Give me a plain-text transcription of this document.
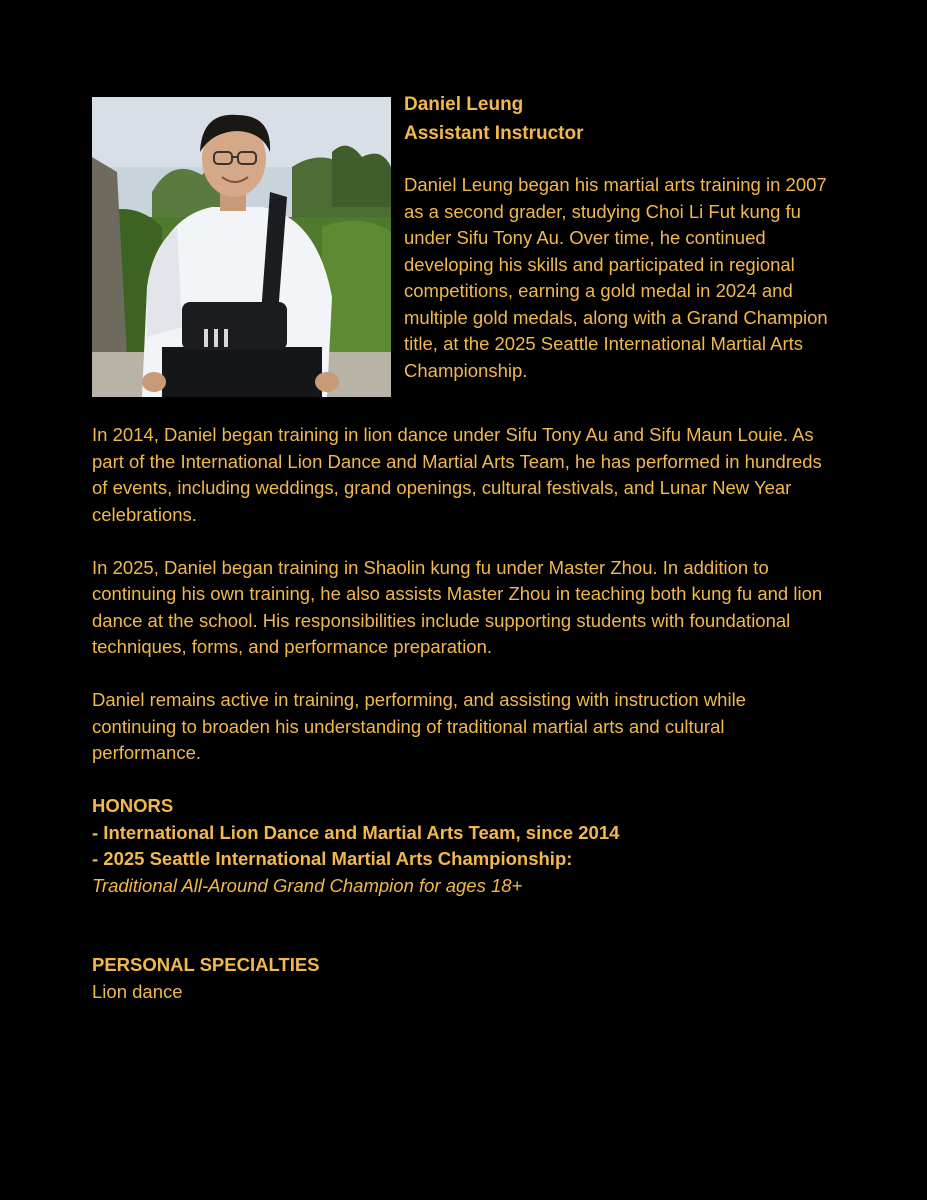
Daniel Leung

Assistant Instructor

Daniel Leung began his martial arts training in 2007 as a second grader, studying Choi Li Fut kung fu under Sifu Tony Au. Over time, he continued developing his skills and participated in regional competitions, earning a gold medal in 2024 and multiple gold medals, along with a Grand Champion title, at the 2025 Seattle International Martial Arts Championship.

In 2014, Daniel began training in lion dance under Sifu Tony Au and Sifu Maun Louie. As part of the International Lion Dance and Martial Arts Team, he has performed in hundreds of events, including weddings, grand openings, cultural festivals, and Lunar New Year celebrations.

In 2025, Daniel began training in Shaolin kung fu under Master Zhou. In addition to continuing his own training, he also assists Master Zhou in teaching both kung fu and lion dance at the school. His responsibilities include supporting students with foundational techniques, forms, and performance preparation.

Daniel remains active in training, performing, and assisting with instruction while continuing to broaden his understanding of traditional martial arts and cultural performance.

HONORS

- International Lion Dance and Martial Arts Team, since 2014

- 2025 Seattle International Martial Arts Championship:

Traditional All-Around Grand Champion for ages 18+

PERSONAL SPECIALTIES

Lion dance
